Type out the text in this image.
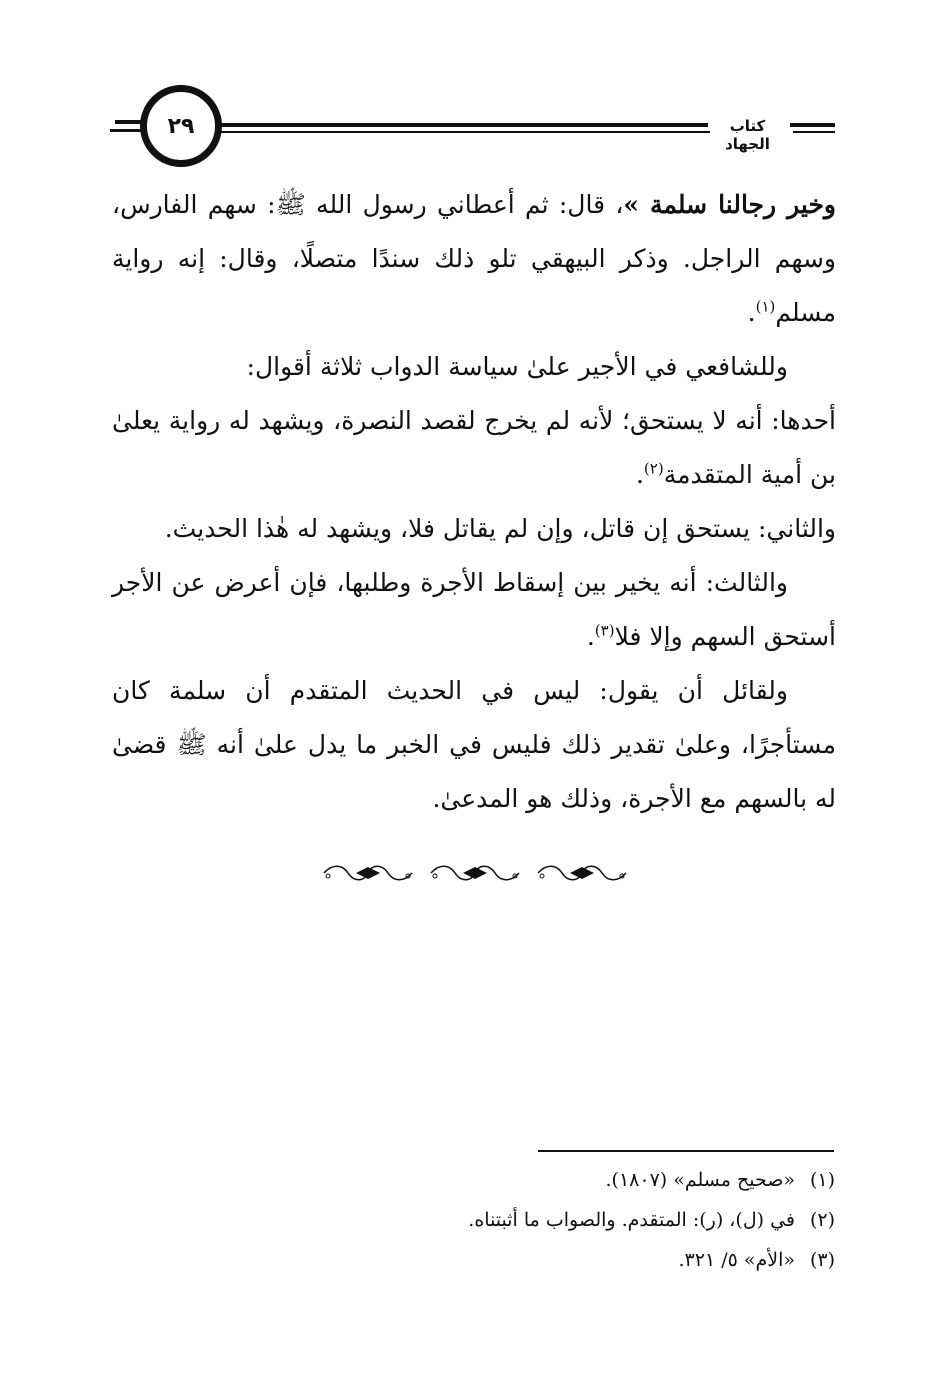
٢٩	كتاب الجهاد

وخير رجالنا سلمة »، قال: ثم أعطاني رسول الله ﷺ: سهم الفارس، وسهم الراجل. وذكر البيهقي تلو ذلك سندًا متصلًا، وقال: إنه رواية مسلم$^{(١)}$.

وللشافعي في الأجير علىٰ سياسة الدواب ثلاثة أقوال:

أحدها: أنه لا يستحق؛ لأنه لم يخرج لقصد النصرة، ويشهد له رواية يعلىٰ بن أمية المتقدمة$^{(٢)}$.

والثاني: يستحق إن قاتل، وإن لم يقاتل فلا، ويشهد له هٰذا الحديث.

والثالث: أنه يخير بين إسقاط الأجرة وطلبها، فإن أعرض عن الأجر أستحق السهم وإلا فلا$^{(٣)}$.

ولقائل أن يقول: ليس في الحديث المتقدم أن سلمة كان مستأجرًا، وعلىٰ تقدير ذلك فليس في الخبر ما يدل علىٰ أنه ﷺ قضىٰ له بالسهم مع الأجرة، وذلك هو المدعىٰ.

(١)«صحيح مسلم» (١٨٠٧).

(٢)في (ل)، (ر): المتقدم. والصواب ما أثبتناه.

(٣)«الأم» ٥/ ٣٢١.
